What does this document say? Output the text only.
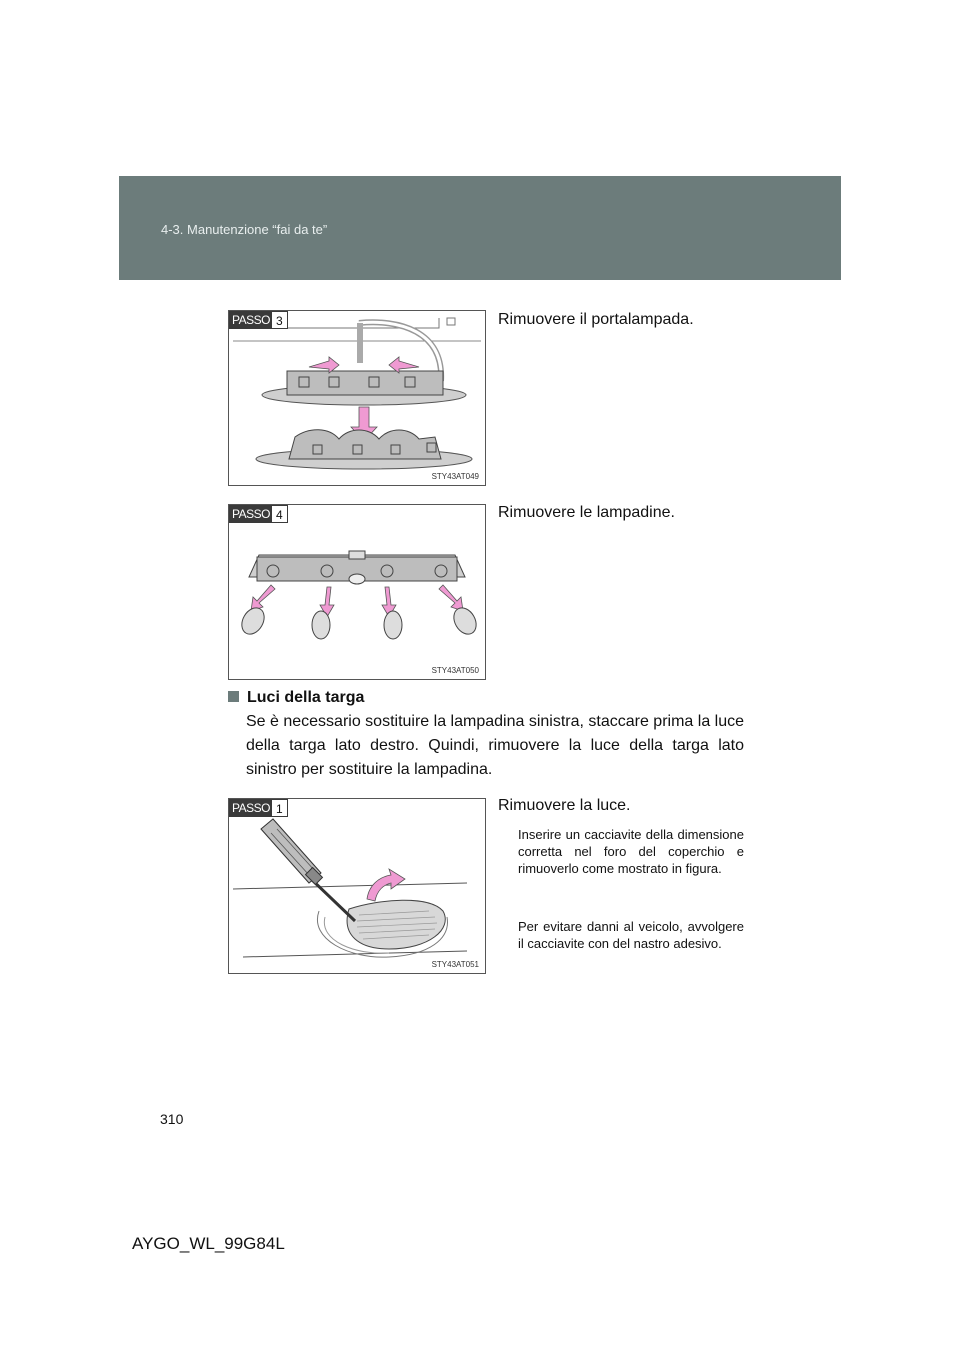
4-3. Manutenzione “fai da te”
PASSO 3
STY43AT049
Rimuovere il portalampada.
PASSO 4
STY43AT050
Rimuovere le lampadine.
Luci della targa
Se è necessario sostituire la lampadina sinistra, staccare prima la luce della targa lato destro. Quindi, rimuovere la luce della targa lato sinistro per sostituire la lampadina.
PASSO 1
STY43AT051
Rimuovere la luce.
Inserire un cacciavite della dimensione corretta nel foro del coperchio e rimuoverlo come mostrato in figura.
Per evitare danni al veicolo, avvolgere il cacciavite con del nastro adesivo.
310
AYGO_WL_99G84L
